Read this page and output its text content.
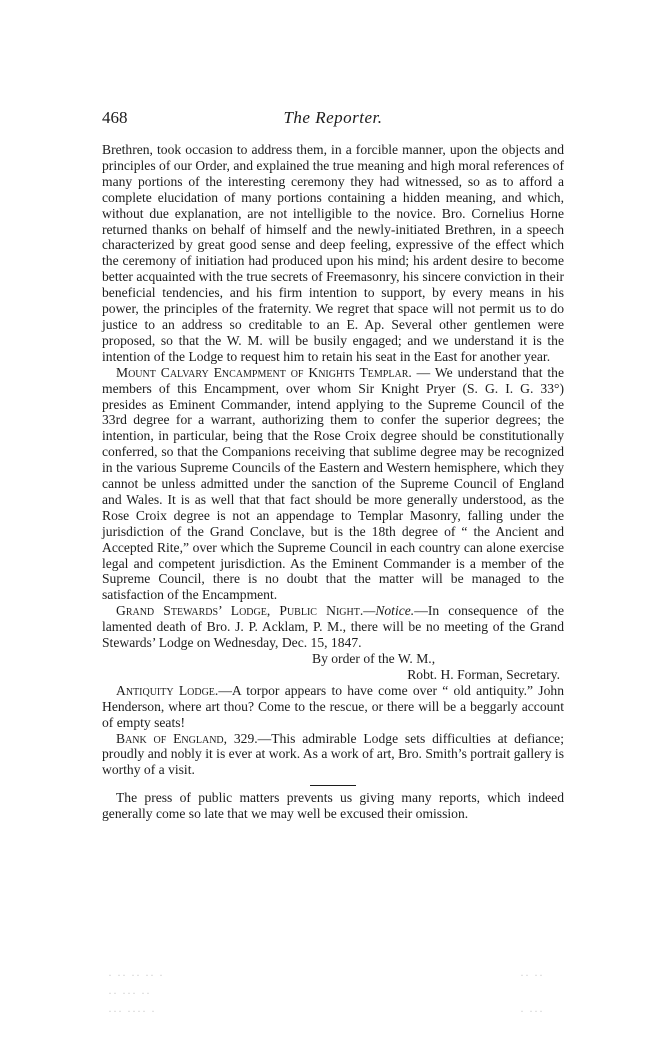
468	The Reporter.

Brethren, took occasion to address them, in a forcible manner, upon the objects and principles of our Order, and explained the true meaning and high moral references of many portions of the interesting ceremony they had witnessed, so as to afford a complete elucidation of many portions containing a hidden meaning, and which, without due explanation, are not intelligible to the novice. Bro. Cornelius Horne returned thanks on behalf of himself and the newly-initiated Brethren, in a speech characterized by great good sense and deep feeling, expressive of the effect which the ceremony of initiation had produced upon his mind; his ardent desire to become better acquainted with the true secrets of Freemasonry, his sincere conviction in their beneficial tendencies, and his firm intention to support, by every means in his power, the principles of the fraternity. We regret that space will not permit us to do justice to an address so creditable to an E. Ap. Several other gentlemen were proposed, so that the W. M. will be busily engaged; and we understand it is the intention of the Lodge to request him to retain his seat in the East for another year.

Mount Calvary Encampment of Knights Templar. — We understand that the members of this Encampment, over whom Sir Knight Pryer (S. G. I. G. 33°) presides as Eminent Commander, intend applying to the Supreme Council of the 33rd degree for a warrant, authorizing them to confer the superior degrees; the intention, in particular, being that the Rose Croix degree should be constitutionally conferred, so that the Companions receiving that sublime degree may be recognized in the various Supreme Councils of the Eastern and Western hemisphere, which they cannot be unless admitted under the sanction of the Supreme Council of England and Wales. It is as well that that fact should be more generally understood, as the Rose Croix degree is not an appendage to Templar Masonry, falling under the jurisdiction of the Grand Conclave, but is the 18th degree of “ the Ancient and Accepted Rite,” over which the Supreme Council in each country can alone exercise legal and competent jurisdiction. As the Eminent Commander is a member of the Supreme Council, there is no doubt that the matter will be managed to the satisfaction of the Encampment.

Grand Stewards’ Lodge, Public Night.—Notice.—In consequence of the lamented death of Bro. J. P. Acklam, P. M., there will be no meeting of the Grand Stewards’ Lodge on Wednesday, Dec. 15, 1847.

By order of the W. M.,

Robt. H. Forman, Secretary.

Antiquity Lodge.—A torpor appears to have come over “ old antiquity.” John Henderson, where art thou? Come to the rescue, or there will be a beggarly account of empty seats!

Bank of England, 329.—This admirable Lodge sets difficulties at defiance; proudly and nobly it is ever at work. As a work of art, Bro. Smith’s portrait gallery is worthy of a visit.

The press of public matters prevents us giving many reports, which indeed generally come so late that we may well be excused their omission.

· ·· ·· ·· ·
·· ··· ··
··· ···· ·
·· ··
· ···
